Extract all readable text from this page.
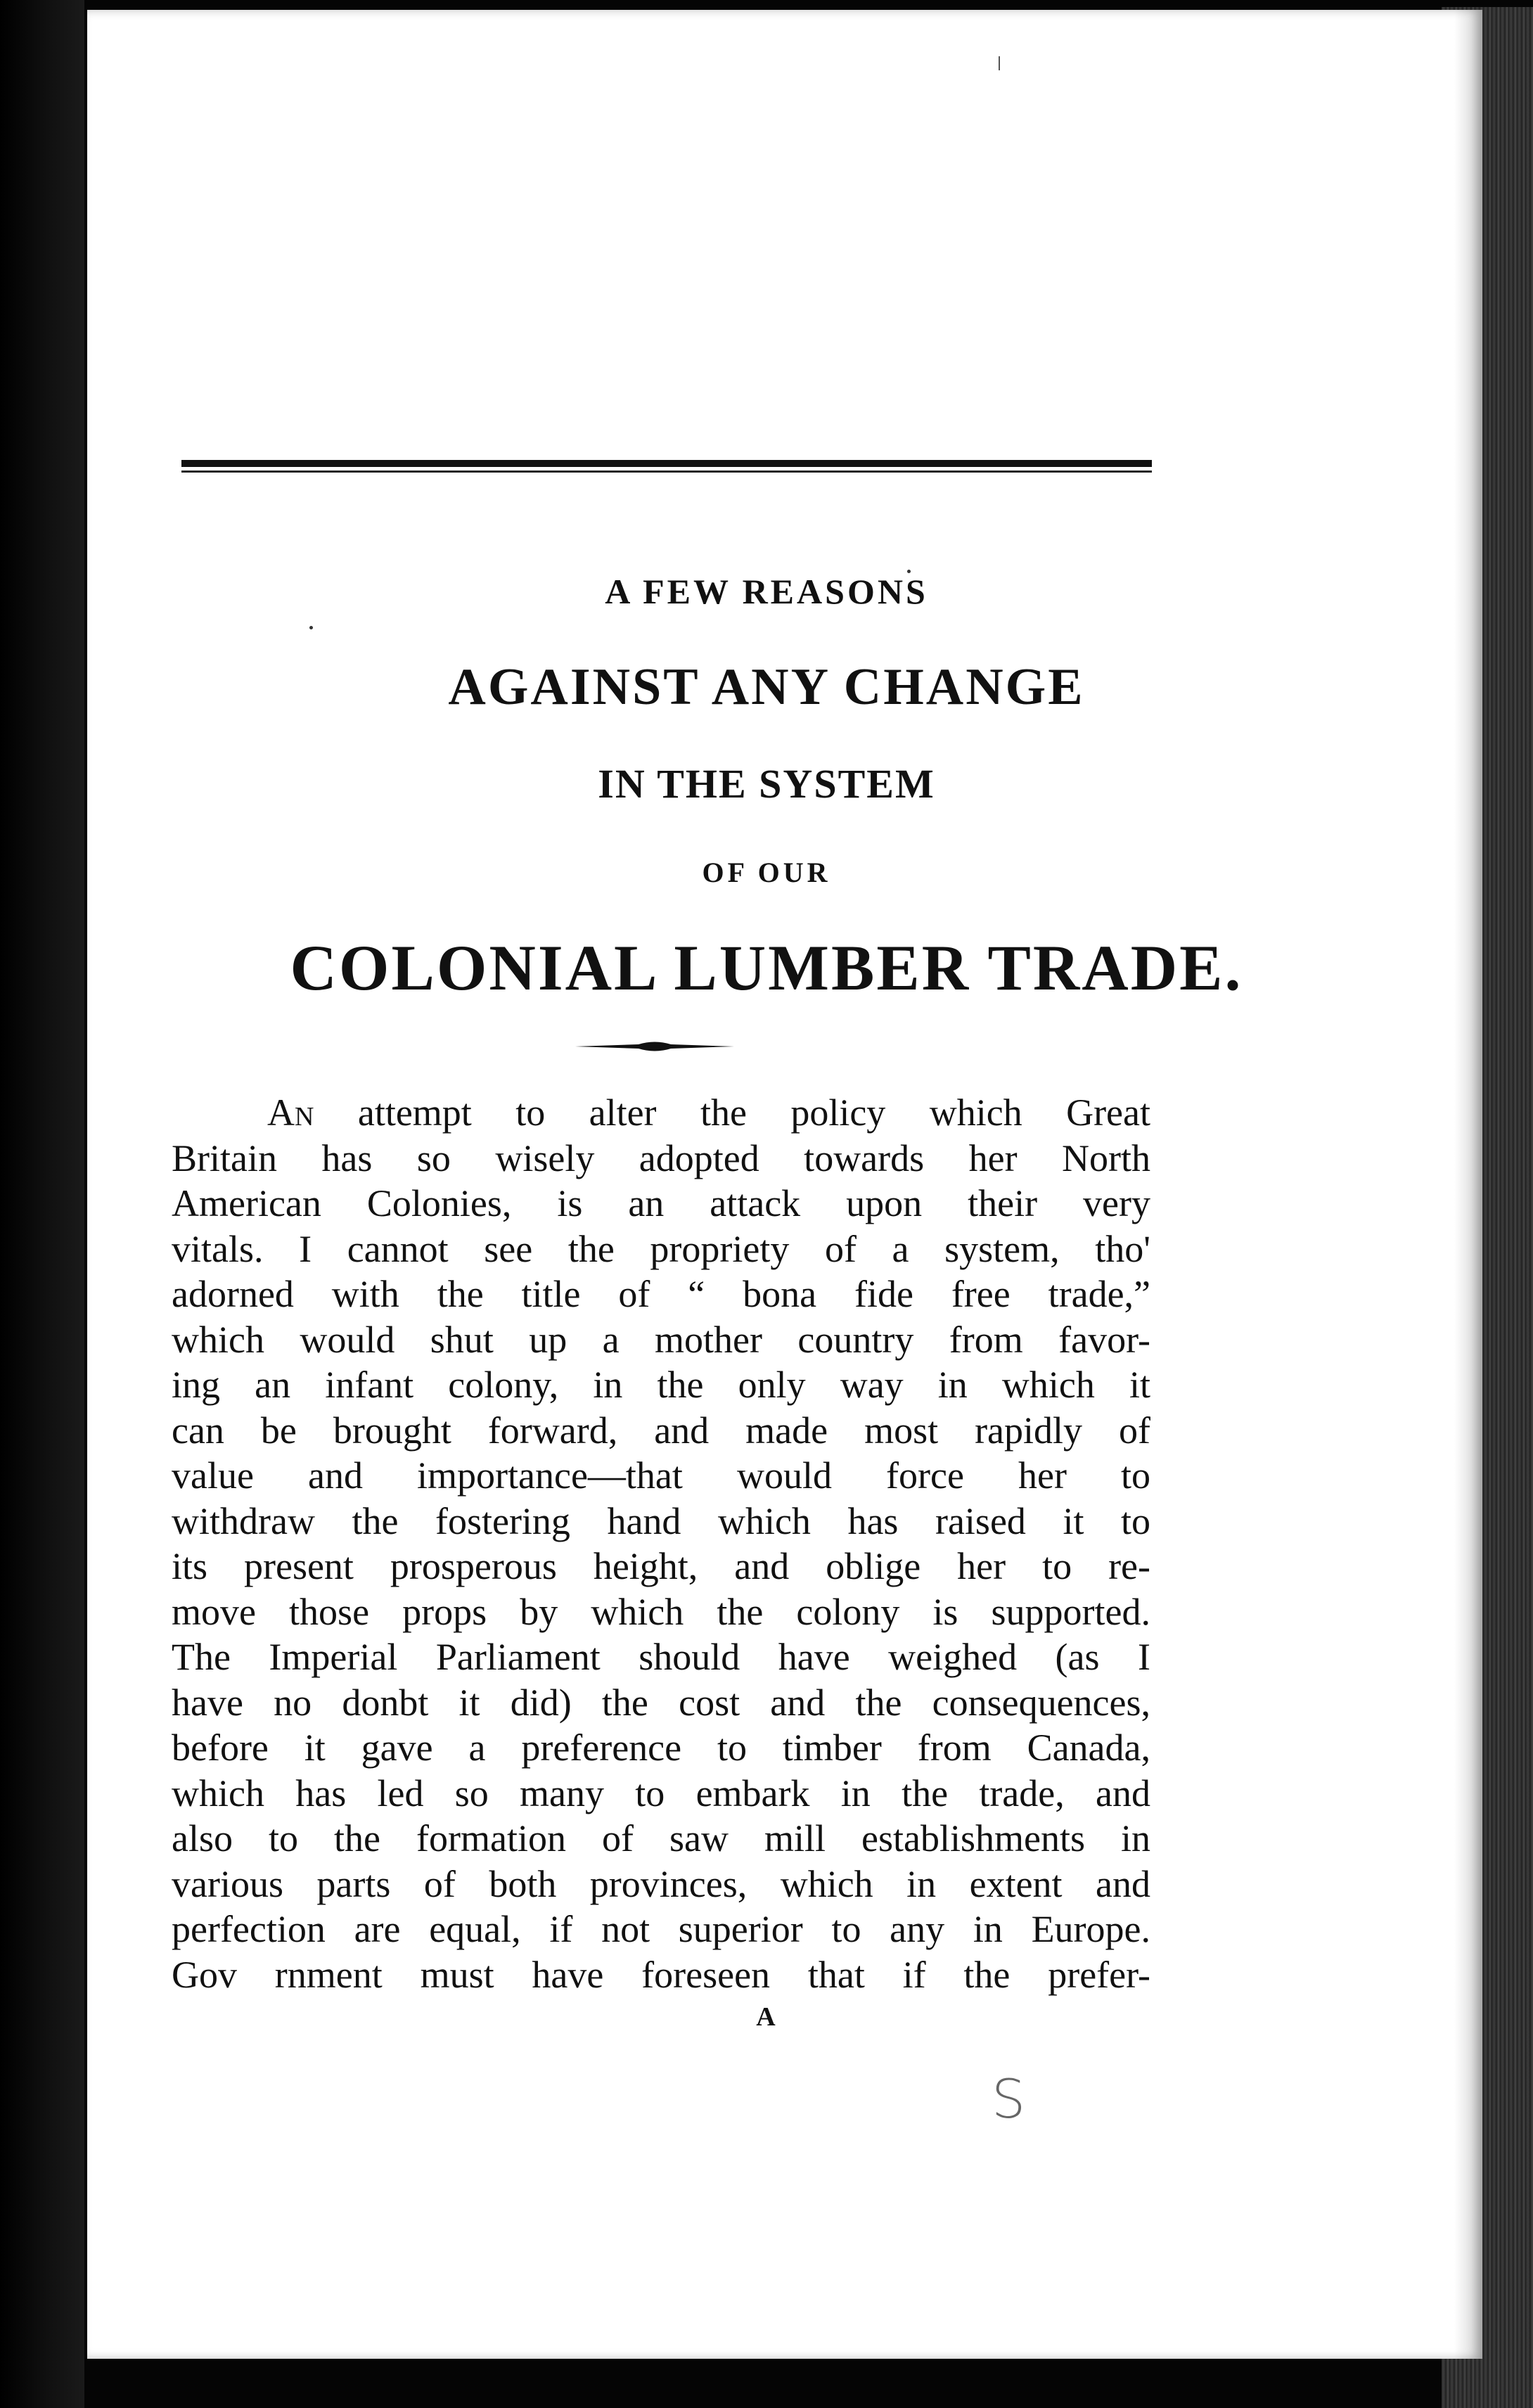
A FEW REASONS
AGAINST ANY CHANGE
IN THE SYSTEM
OF OUR
COLONIAL LUMBER TRADE.
An attempt to alter the policy which Great
Britain has so wisely adopted towards her North
American Colonies, is an attack upon their very
vitals. I cannot see the propriety of a system, tho'
adorned with the title of “ bona fide free trade,”
which would shut up a mother country from favor-
ing an infant colony, in the only way in which it
can be brought forward, and made most rapidly of
value and importance—that would force her to
withdraw the fostering hand which has raised it to
its present prosperous height, and oblige her to re-
move those props by which the colony is supported.
The Imperial Parliament should have weighed (as I
have no donbt it did) the cost and the consequences,
before it gave a preference to timber from Canada,
which has led so many to embark in the trade, and
also to the formation of saw mill establishments in
various parts of both provinces, which in extent and
perfection are equal, if not superior to any in Europe.
Gov rnment must have foreseen that if the prefer-
A
S
